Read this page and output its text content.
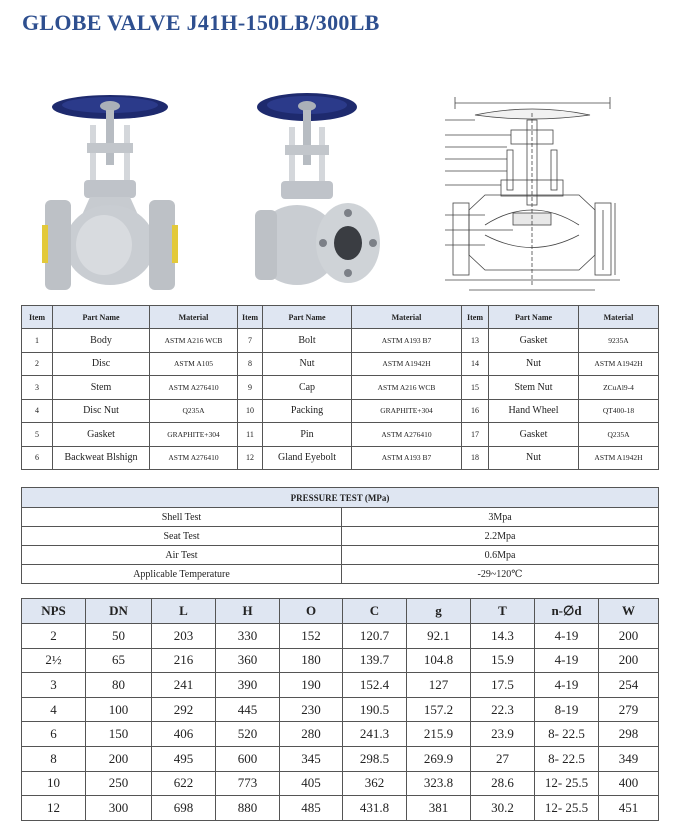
GLOBE VALVE J41H-150LB/300LB
Item	Part Name	Material	Item	Part Name	Material	Item	Part Name	Material
1	Body	ASTM A216 WCB	7	Bolt	ASTM A193 B7	13	Gasket	9235A
2	Disc	ASTM A105	8	Nut	ASTM A1942H	14	Nut	ASTM A1942H
3	Stem	ASTM A276410	9	Cap	ASTM A216 WCB	15	Stem Nut	ZCuAl9-4
4	Disc Nut	Q235A	10	Packing	GRAPHITE+304	16	Hand Wheel	QT400-18
5	Gasket	GRAPHITE+304	11	Pin	ASTM A276410	17	Gasket	Q235A
6	Backweat Blshign	ASTM A276410	12	Gland Eyebolt	ASTM A193 B7	18	Nut	ASTM A1942H
PRESSURE TEST (MPa)	
Shell Test	3Mpa
Seat Test	2.2Mpa
Air Test	0.6Mpa
Applicable Temperature	-29~120℃
NPS	DN	L	H	O	C	g	T	n-∅d	W
2	50	203	330	152	120.7	92.1	14.3	4-19	200
2½	65	216	360	180	139.7	104.8	15.9	4-19	200
3	80	241	390	190	152.4	127	17.5	4-19	254
4	100	292	445	230	190.5	157.2	22.3	8-19	279
6	150	406	520	280	241.3	215.9	23.9	8- 22.5	298
8	200	495	600	345	298.5	269.9	27	8- 22.5	349
10	250	622	773	405	362	323.8	28.6	12- 25.5	400
12	300	698	880	485	431.8	381	30.2	12- 25.5	451
